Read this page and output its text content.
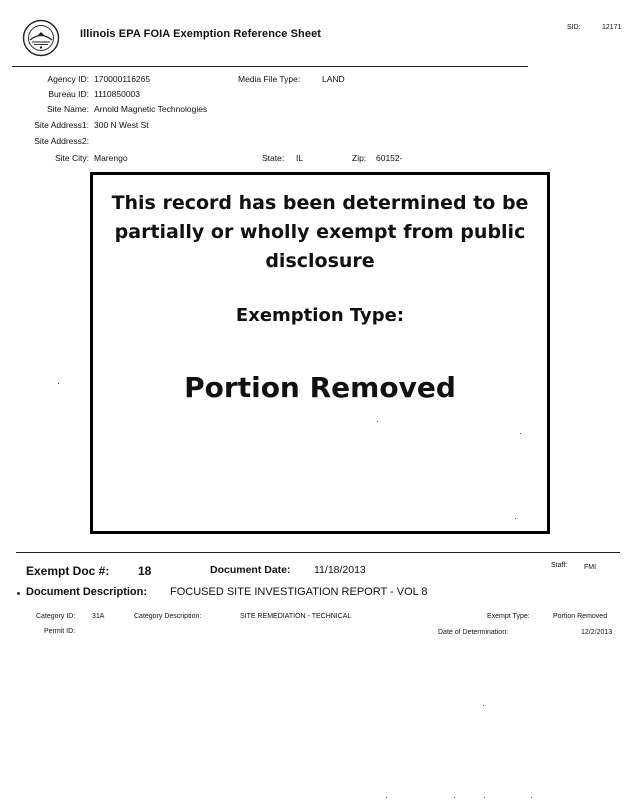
Illinois EPA FOIA Exemption Reference Sheet
SID:	12171
Agency ID: 170000116265	Media File Type:	LAND
Bureau ID: 1110850003
Site Name: Arnold Magnetic Technologies
Site Address1: 300 N West St
Site Address2:
Site City: Marengo	State: IL	Zip: 60152-
This record has been determined to be partially or wholly exempt from public disclosure
Exemption Type:
Portion Removed
Exempt Doc #: 18	Document Date: 11/18/2013	Staff: FMI
Document Description: FOCUSED SITE INVESTIGATION REPORT - VOL 8
Category ID: 31A	Category Description:	SITE REMEDIATION - TECHNICAL	Exempt Type:	Portion Removed
Permit ID:	Date of Determination:	12/2/2013
